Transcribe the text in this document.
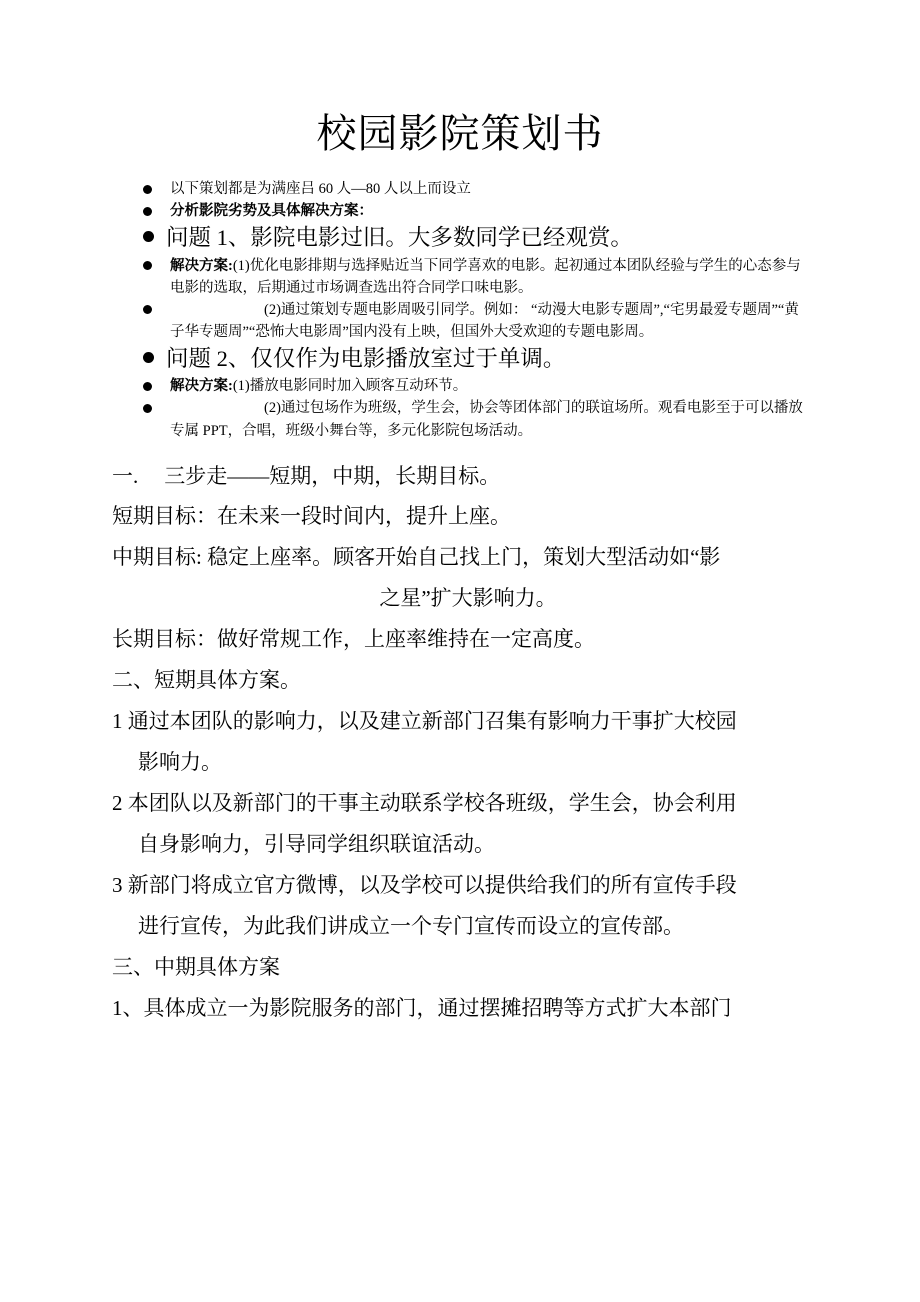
校园影院策划书
以下策划都是为满座吕 60 人—80 人以上而设立
分析影院劣势及具体解决方案：
问题 1、影院电影过旧。大多数同学已经观赏。
解决方案:(1)优化电影排期与选择贴近当下同学喜欢的电影。起初通过本团队经验与学生的心态参与电影的选取，后期通过市场调查选出符合同学口味电影。
(2)通过策划专题电影周吸引同学。例如： “动漫大电影专题周”,“宅男最爱专题周”“黄子华专题周”“恐怖大电影周”国内没有上映，但国外大受欢迎的专题电影周。
问题 2、仅仅作为电影播放室过于单调。
解决方案:(1)播放电影同时加入顾客互动环节。
(2)通过包场作为班级，学生会，协会等团体部门的联谊场所。观看电影至于可以播放专属 PPT，合唱，班级小舞台等，多元化影院包场活动。

一. 三步走——短期，中期，长期目标。

短期目标：在未来一段时间内，提升上座。

中期目标: 稳定上座率。顾客开始自己找上门，策划大型活动如“影

之星”扩大影响力。

长期目标：做好常规工作，上座率维持在一定高度。

二、短期具体方案。

1 通过本团队的影响力，以及建立新部门召集有影响力干事扩大校园

影响力。

2 本团队以及新部门的干事主动联系学校各班级，学生会，协会利用

自身影响力，引导同学组织联谊活动。

3 新部门将成立官方微博，以及学校可以提供给我们的所有宣传手段

进行宣传，为此我们讲成立一个专门宣传而设立的宣传部。

三、中期具体方案

1、具体成立一为影院服务的部门，通过摆摊招聘等方式扩大本部门
